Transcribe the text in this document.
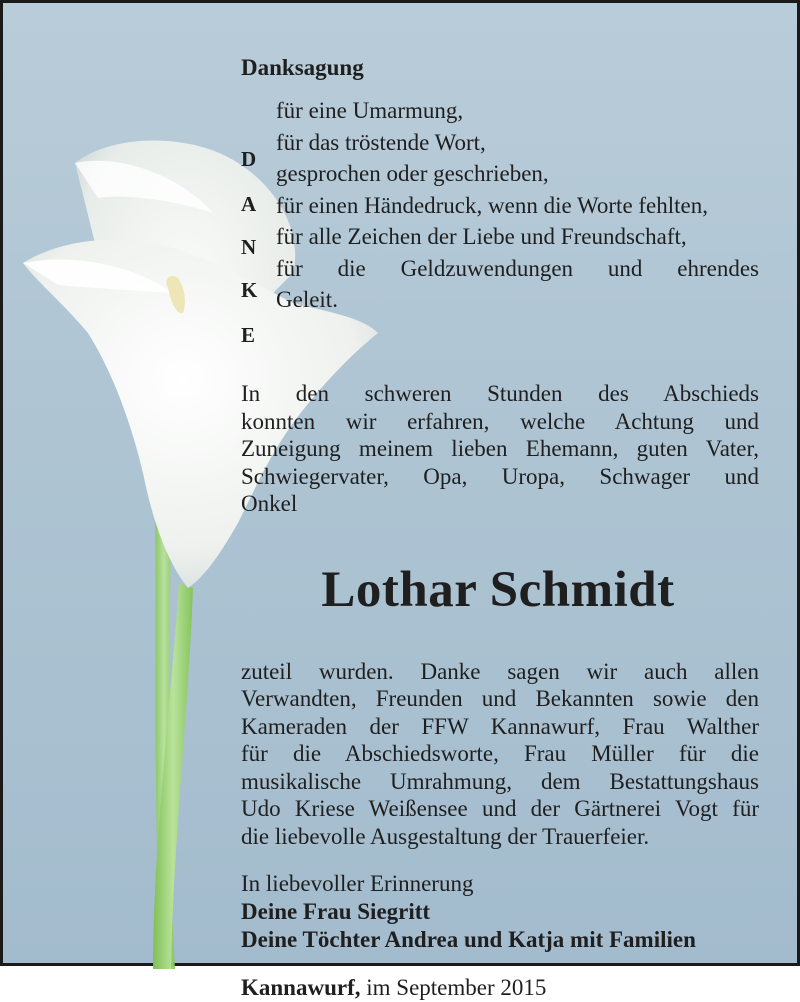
Danksagung
D
A
N
K
E
für eine Umarmung,
für das tröstende Wort,
gesprochen oder geschrieben,
für einen Händedruck, wenn die Worte fehlten,
für alle Zeichen der Liebe und Freundschaft,
für die Geldzuwendungen und ehrendes
Geleit.
In den schweren Stunden des Abschieds
konnten wir erfahren, welche Achtung und
Zuneigung meinem lieben Ehemann, guten Vater,
Schwiegervater, Opa, Uropa, Schwager und
Onkel
Lothar Schmidt
zuteil wurden. Danke sagen wir auch allen
Verwandten, Freunden und Bekannten sowie den
Kameraden der FFW Kannawurf, Frau Walther
für die Abschiedsworte, Frau Müller für die
musikalische Umrahmung, dem Bestattungshaus
Udo Kriese Weißensee und der Gärtnerei Vogt für
die liebevolle Ausgestaltung der Trauerfeier.
In liebevoller Erinnerung
Deine Frau Siegritt
Deine Töchter Andrea und Katja mit Familien
Kannawurf, im September 2015
